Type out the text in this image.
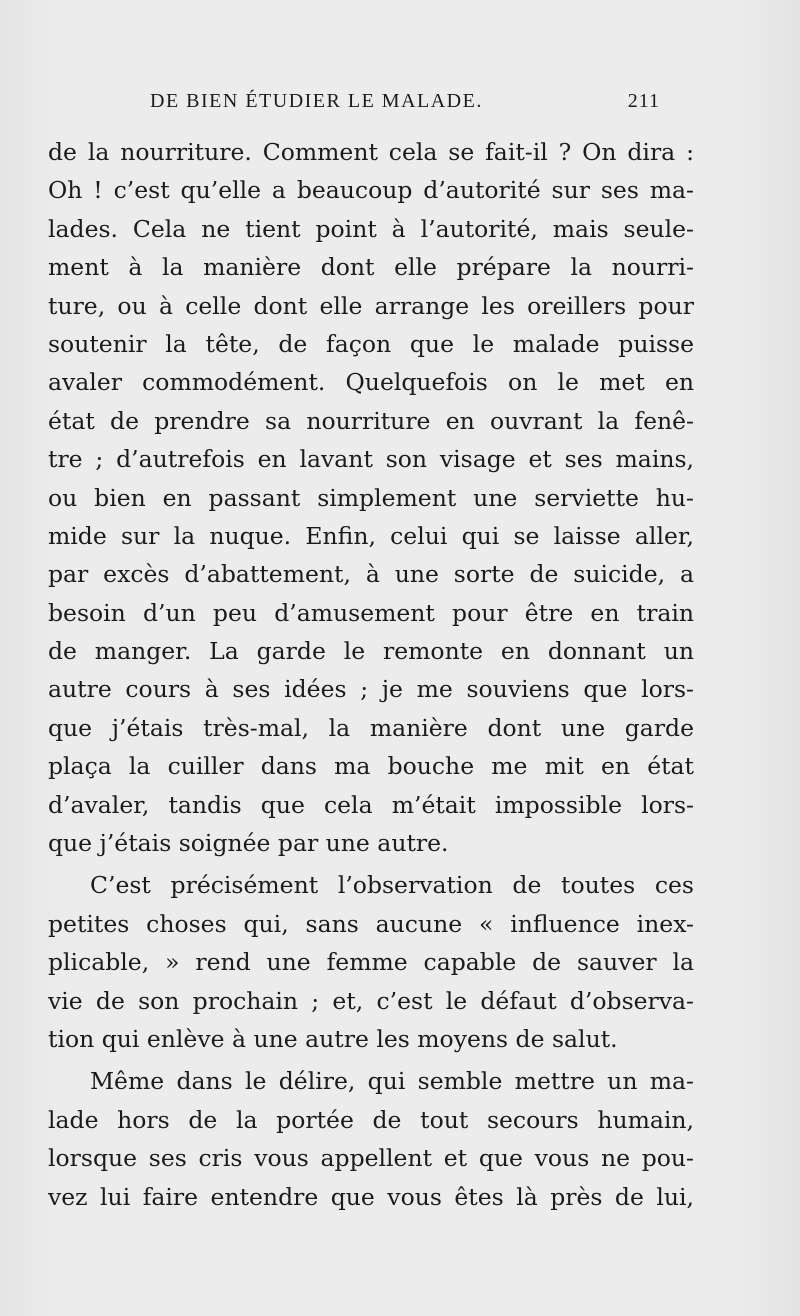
DE BIEN ÉTUDIER LE MALADE.	211
de la nourriture. Comment cela se fait-il ? On dira :
Oh ! c’est qu’elle a beaucoup d’autorité sur ses ma-
lades. Cela ne tient point à l’autorité, mais seule-
ment à la manière dont elle prépare la nourri-
ture, ou à celle dont elle arrange les oreillers pour
soutenir la tête, de façon que le malade puisse
avaler commodément. Quelquefois on le met en
état de prendre sa nourriture en ouvrant la fenê-
tre ; d’autrefois en lavant son visage et ses mains,
ou bien en passant simplement une serviette hu-
mide sur la nuque. Enfin, celui qui se laisse aller,
par excès d’abattement, à une sorte de suicide, a
besoin d’un peu d’amusement pour être en train
de manger. La garde le remonte en donnant un
autre cours à ses idées ; je me souviens que lors-
que j’étais très-mal, la manière dont une garde
plaça la cuiller dans ma bouche me mit en état
d’avaler, tandis que cela m’était impossible lors-
que j’étais soignée par une autre.
C’est précisément l’observation de toutes ces
petites choses qui, sans aucune « influence inex-
plicable, » rend une femme capable de sauver la
vie de son prochain ; et, c’est le défaut d’observa-
tion qui enlève à une autre les moyens de salut.
Même dans le délire, qui semble mettre un ma-
lade hors de la portée de tout secours humain,
lorsque ses cris vous appellent et que vous ne pou-
vez lui faire entendre que vous êtes là près de lui,
